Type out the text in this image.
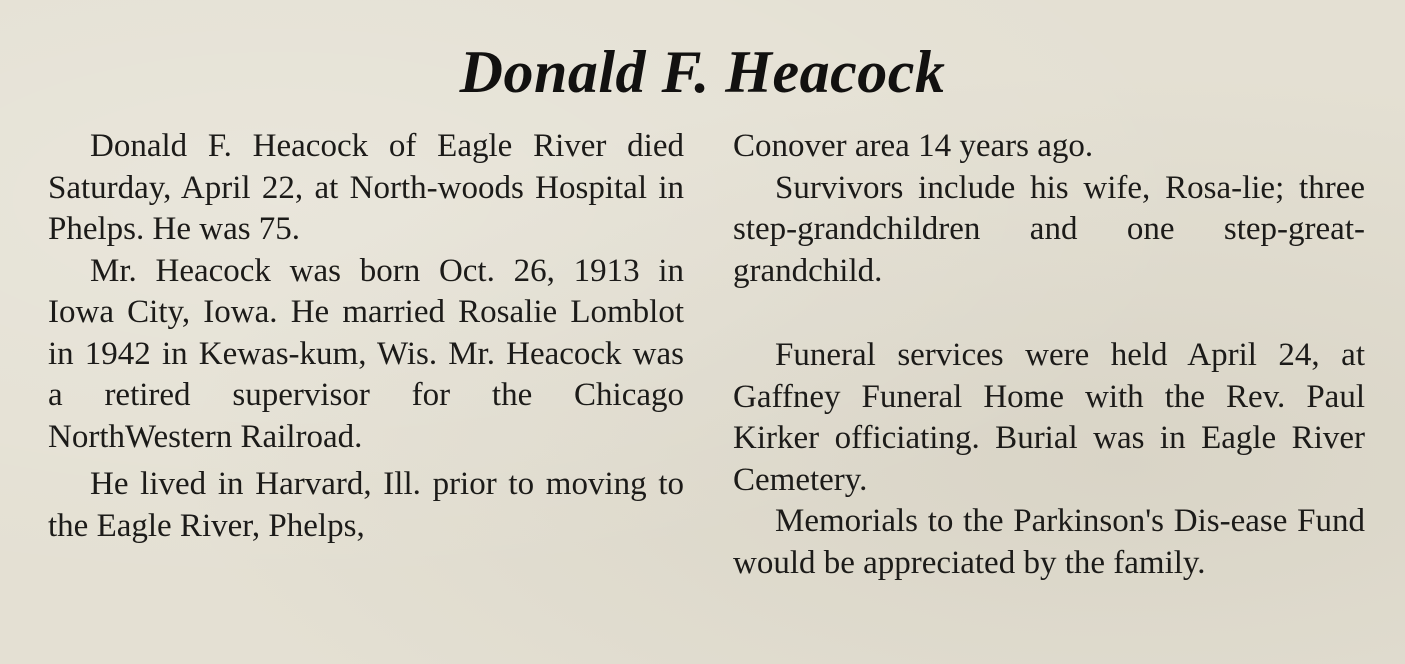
Donald F. Heacock

Donald F. Heacock of Eagle River died Saturday, April 22, at North-woods Hospital in Phelps. He was 75.

Mr. Heacock was born Oct. 26, 1913 in Iowa City, Iowa. He married Rosalie Lomblot in 1942 in Kewas-kum, Wis. Mr. Heacock was a retired supervisor for the Chicago NorthWestern Railroad.

He lived in Harvard, Ill. prior to moving to the Eagle River, Phelps,

Conover area 14 years ago.

Survivors include his wife, Rosa-lie; three step-grandchildren and one step-great-grandchild.

Funeral services were held April 24, at Gaffney Funeral Home with the Rev. Paul Kirker officiating. Burial was in Eagle River Cemetery.

Memorials to the Parkinson's Dis-ease Fund would be appreciated by the family.
